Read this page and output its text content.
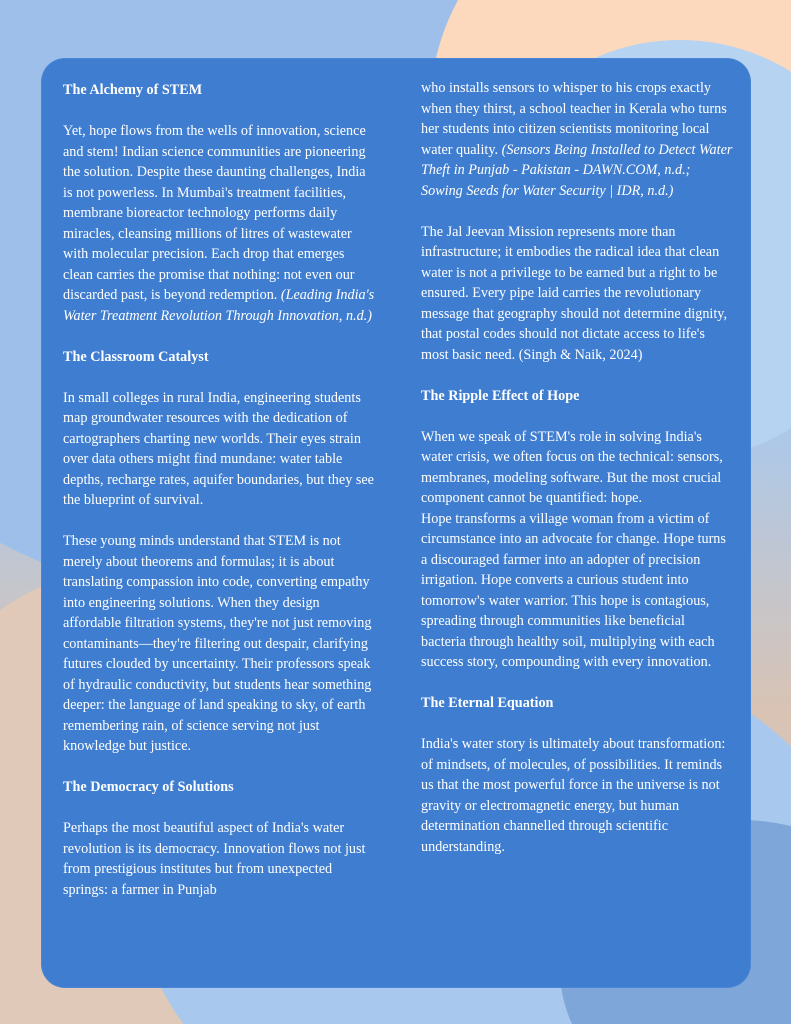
The Alchemy of STEM

Yet, hope flows from the wells of innovation, science and stem! Indian science communities are pioneering the solution. Despite these daunting challenges, India is not powerless. In Mumbai's treatment facilities, membrane bioreactor technology performs daily miracles, cleansing millions of litres of wastewater with molecular precision. Each drop that emerges clean carries the promise that nothing: not even our discarded past, is beyond redemption. (Leading India's Water Treatment Revolution Through Innovation, n.d.)

The Classroom Catalyst

In small colleges in rural India, engineering students map groundwater resources with the dedication of cartographers charting new worlds. Their eyes strain over data others might find mundane: water table depths, recharge rates, aquifer boundaries, but they see the blueprint of survival.

These young minds understand that STEM is not merely about theorems and formulas; it is about translating compassion into code, converting empathy into engineering solutions. When they design affordable filtration systems, they're not just removing contaminants—they're filtering out despair, clarifying futures clouded by uncertainty. Their professors speak of hydraulic conductivity, but students hear something deeper: the language of land speaking to sky, of earth remembering rain, of science serving not just knowledge but justice.

The Democracy of Solutions

Perhaps the most beautiful aspect of India's water revolution is its democracy. Innovation flows not just from prestigious institutes but from unexpected springs: a farmer in Punjab

who installs sensors to whisper to his crops exactly when they thirst, a school teacher in Kerala who turns her students into citizen scientists monitoring local water quality. (Sensors Being Installed to Detect Water Theft in Punjab - Pakistan - DAWN.COM, n.d.; Sowing Seeds for Water Security | IDR, n.d.)

The Jal Jeevan Mission represents more than infrastructure; it embodies the radical idea that clean water is not a privilege to be earned but a right to be ensured. Every pipe laid carries the revolutionary message that geography should not determine dignity, that postal codes should not dictate access to life's most basic need. (Singh & Naik, 2024)

The Ripple Effect of Hope

When we speak of STEM's role in solving India's water crisis, we often focus on the technical: sensors, membranes, modeling software. But the most crucial component cannot be quantified: hope.

Hope transforms a village woman from a victim of circumstance into an advocate for change. Hope turns a discouraged farmer into an adopter of precision irrigation. Hope converts a curious student into tomorrow's water warrior. This hope is contagious, spreading through communities like beneficial bacteria through healthy soil, multiplying with each success story, compounding with every innovation.

The Eternal Equation

India's water story is ultimately about transformation: of mindsets, of molecules, of possibilities. It reminds us that the most powerful force in the universe is not gravity or electromagnetic energy, but human determination channelled through scientific understanding.
